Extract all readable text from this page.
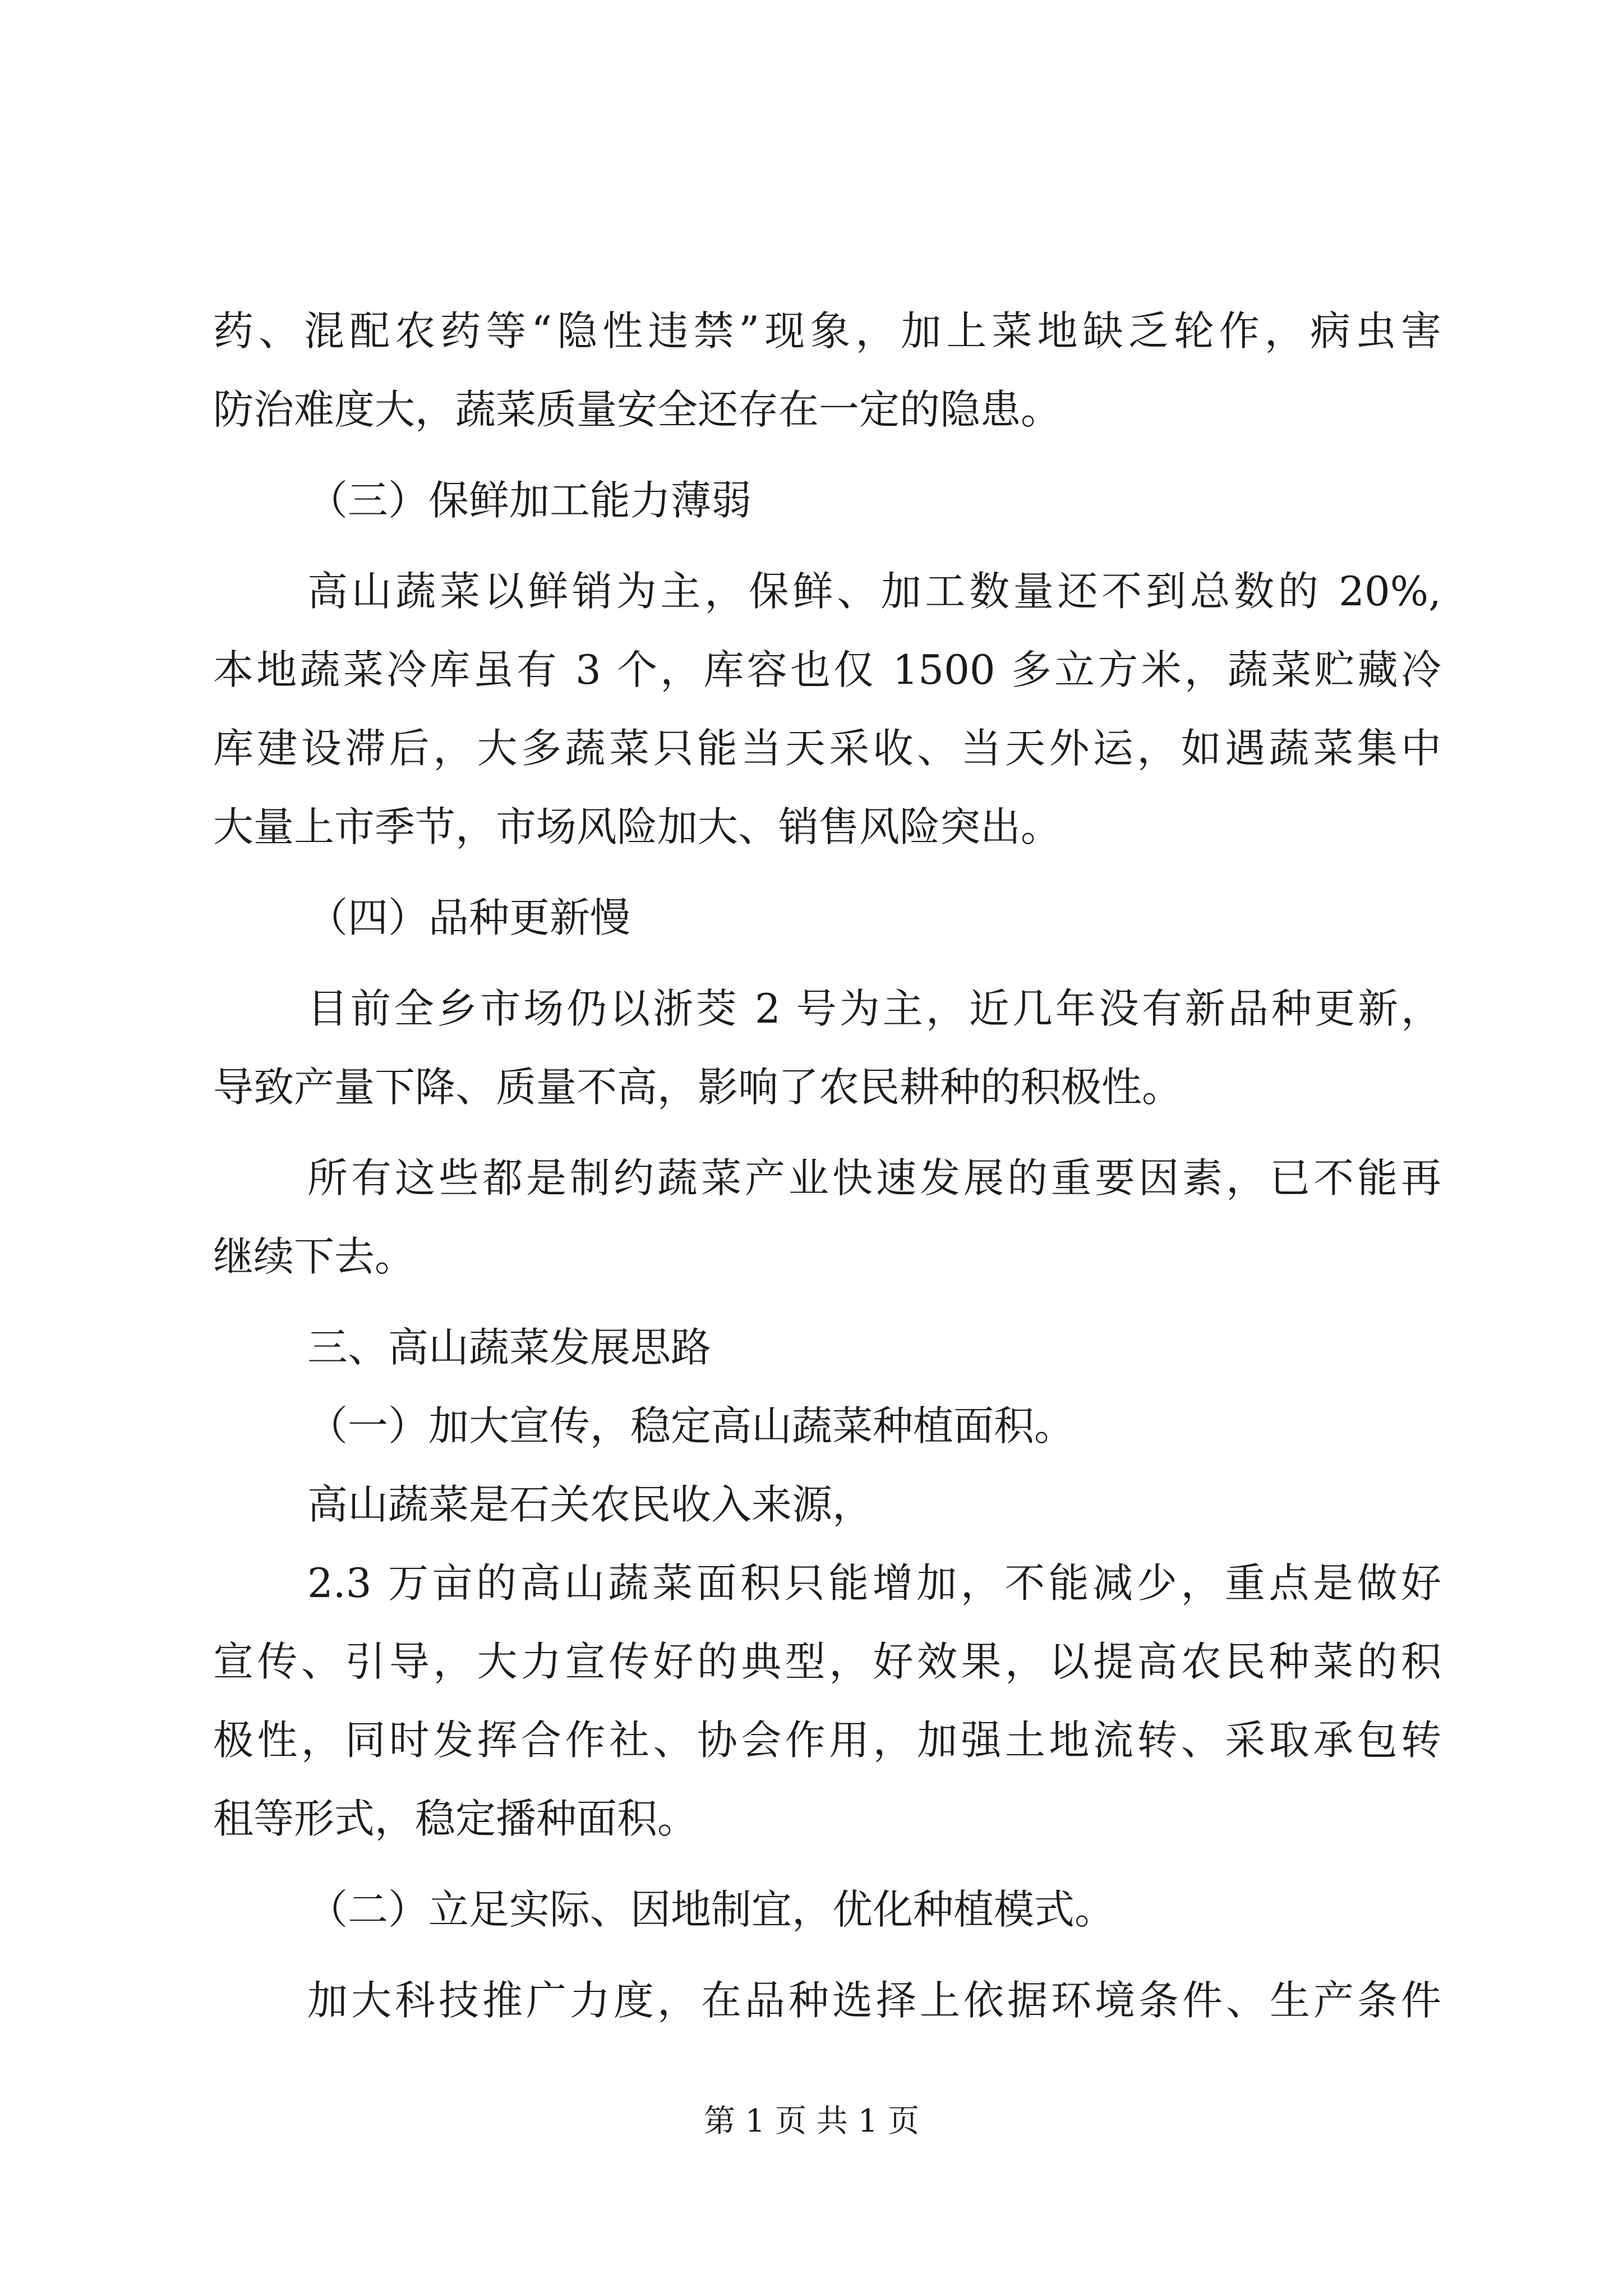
药、混配农药等“隐性违禁”现象，加上菜地缺乏轮作，病虫害
防治难度大，蔬菜质量安全还存在一定的隐患。
（三）保鲜加工能力薄弱
高山蔬菜以鲜销为主，保鲜、加工数量还不到总数的 20%,
本地蔬菜冷库虽有 3 个，库容也仅 1500 多立方米，蔬菜贮藏冷
库建设滞后，大多蔬菜只能当天采收、当天外运，如遇蔬菜集中
大量上市季节，市场风险加大、销售风险突出。
（四）品种更新慢
目前全乡市场仍以浙茭 2 号为主，近几年没有新品种更新，
导致产量下降、质量不高，影响了农民耕种的积极性。
所有这些都是制约蔬菜产业快速发展的重要因素，已不能再
继续下去。
三、高山蔬菜发展思路
（一）加大宣传，稳定高山蔬菜种植面积。
高山蔬菜是石关农民收入来源，
2.3 万亩的高山蔬菜面积只能增加，不能减少，重点是做好
宣传、引导，大力宣传好的典型，好效果，以提高农民种菜的积
极性，同时发挥合作社、协会作用，加强土地流转、采取承包转
租等形式，稳定播种面积。
（二）立足实际、因地制宜，优化种植模式。
加大科技推广力度，在品种选择上依据环境条件、生产条件
第 1 页 共 1 页
